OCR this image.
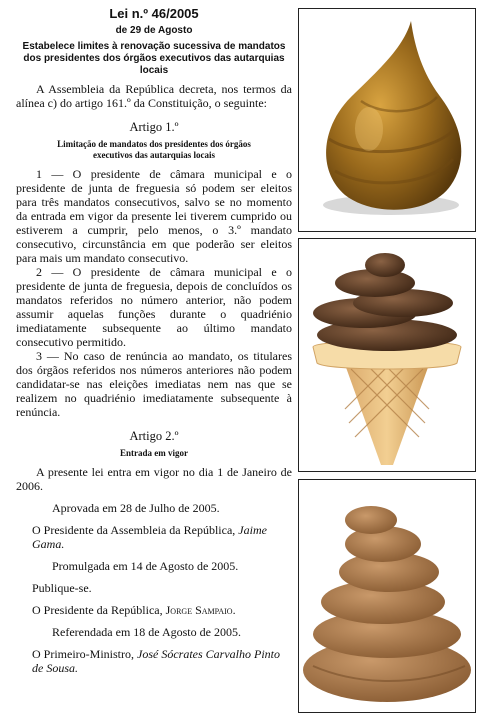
Lei n.º 46/2005
de 29 de Agosto
Estabelece limites à renovação sucessiva de mandatos dos presidentes dos órgãos executivos das autarquias locais

A Assembleia da República decreta, nos termos da alínea c) do artigo 161.º da Constituição, o seguinte:

Artigo 1.º
Limitação de mandatos dos presidentes dos órgãos executivos das autarquias locais

1 — O presidente de câmara municipal e o presidente de junta de freguesia só podem ser eleitos para três mandatos consecutivos, salvo se no momento da entrada em vigor da presente lei tiverem cumprido ou estiverem a cumprir, pelo menos, o 3.º mandato consecutivo, circunstância em que poderão ser eleitos para mais um mandato consecutivo.

2 — O presidente de câmara municipal e o presidente de junta de freguesia, depois de concluídos os mandatos referidos no número anterior, não podem assumir aquelas funções durante o quadriénio imediatamente subsequente ao último mandato consecutivo permitido.

3 — No caso de renúncia ao mandato, os titulares dos órgãos referidos nos números anteriores não podem candidatar-se nas eleições imediatas nem nas que se realizem no quadriénio imediatamente subsequente à renúncia.

Artigo 2.º
Entrada em vigor

A presente lei entra em vigor no dia 1 de Janeiro de 2006.

Aprovada em 28 de Julho de 2005.

O Presidente da Assembleia da República, Jaime Gama.

Promulgada em 14 de Agosto de 2005.

Publique-se.

O Presidente da República, Jorge Sampaio.

Referendada em 18 de Agosto de 2005.

O Primeiro-Ministro, José Sócrates Carvalho Pinto de Sousa.
